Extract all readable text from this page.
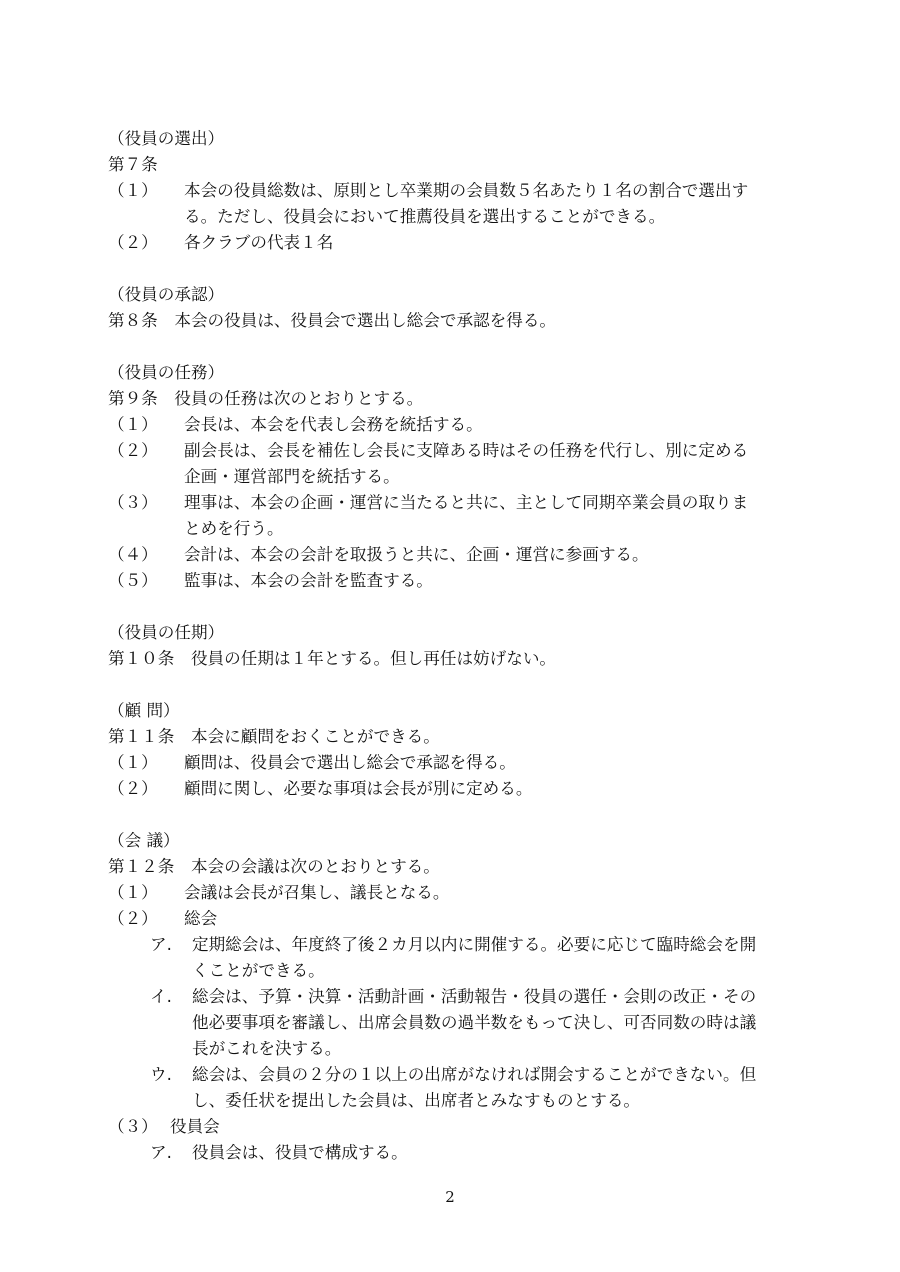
（役員の選出）
第７条
（１） 本会の役員総数は、原則とし卒業期の会員数５名あたり１名の割合で選出す
る。ただし、役員会において推薦役員を選出することができる。
（２） 各クラブの代表１名
（役員の承認）
第８条　本会の役員は、役員会で選出し総会で承認を得る。
（役員の任務）
第９条　役員の任務は次のとおりとする。
（１） 会長は、本会を代表し会務を統括する。
（２） 副会長は、会長を補佐し会長に支障ある時はその任務を代行し、別に定める
企画・運営部門を統括する。
（３） 理事は、本会の企画・運営に当たると共に、主として同期卒業会員の取りま
とめを行う。
（４） 会計は、本会の会計を取扱うと共に、企画・運営に参画する。
（５） 監事は、本会の会計を監査する。
（役員の任期）
第１０条　役員の任期は１年とする。但し再任は妨げない。
（顧 問）
第１１条　本会に顧問をおくことができる。
（１） 顧問は、役員会で選出し総会で承認を得る。
（２） 顧問に関し、必要な事項は会長が別に定める。
（会 議）
第１２条　本会の会議は次のとおりとする。
（１） 会議は会長が召集し、議長となる。
（２） 総会
ア. 定期総会は、年度終了後２カ月以内に開催する。必要に応じて臨時総会を開
くことができる。
イ. 総会は、予算・決算・活動計画・活動報告・役員の選任・会則の改正・その
他必要事項を審議し、出席会員数の過半数をもって決し、可否同数の時は議
長がこれを決する。
ウ. 総会は、会員の２分の１以上の出席がなければ開会することができない。但
し、委任状を提出した会員は、出席者とみなすものとする。
（３） 役員会
ア. 役員会は、役員で構成する。
2
